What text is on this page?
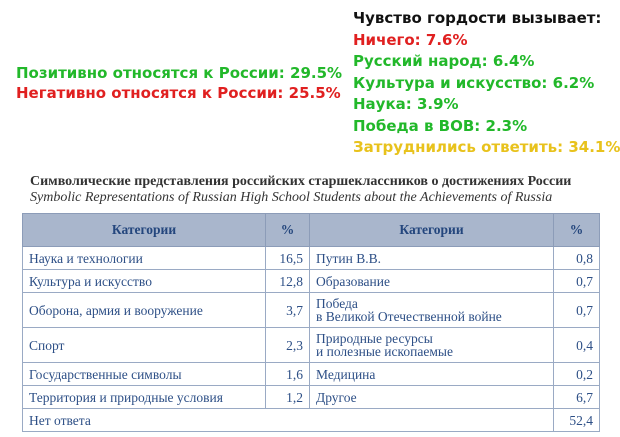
Позитивно относятся к России: 29.5%
Негативно относятся к России: 25.5%
Чувство гордости вызывает:
Ничего: 7.6%
Русский народ: 6.4%
Культура и искусство: 6.2%
Наука: 3.9%
Победа в ВОВ: 2.3%
Затруднились ответить: 34.1%
Символические представления российских старшеклассников о достижениях России
Symbolic Representations of Russian High School Students about the Achievements of Russia
Категории	%	Категории	%
Наука и технологии	16,5	Путин В.В.	0,8
Культура и искусство	12,8	Образование	0,7
Оборона, армия и вооружение	3,7	Победа
в Великой Отечественной войне	0,7
Спорт	2,3	Природные ресурсы
и полезные ископаемые	0,4
Государственные символы	1,6	Медицина	0,2
Территория и природные условия	1,2	Другое	6,7
Нет ответа			52,4
